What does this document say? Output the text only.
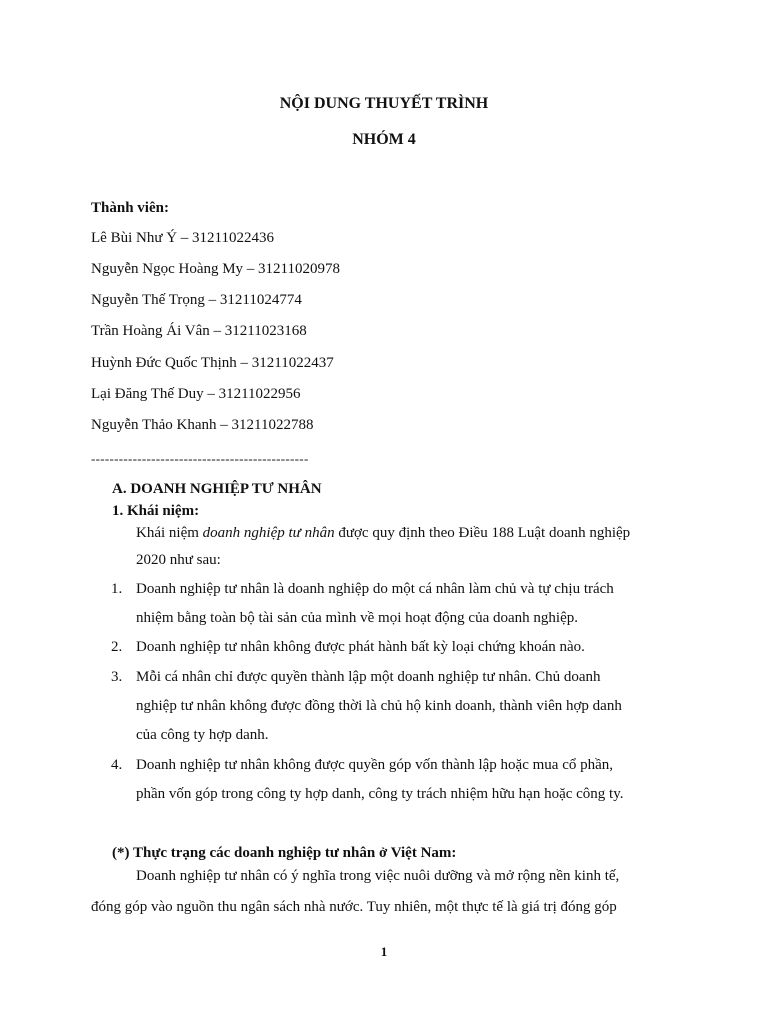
NỘI DUNG THUYẾT TRÌNH
NHÓM 4
Thành viên:
Lê Bùi Như Ý – 31211022436
Nguyễn Ngọc Hoàng My – 31211020978
Nguyễn Thế Trọng – 31211024774
Trần Hoàng Ái Vân – 31211023168
Huỳnh Đức Quốc Thịnh – 31211022437
Lại Đăng Thế Duy – 31211022956
Nguyễn Thảo Khanh – 31211022788
-----------------------------------------------
A. DOANH NGHIỆP TƯ NHÂN
1. Khái niệm:
Khái niệm doanh nghiệp tư nhân được quy định theo Điều 188 Luật doanh nghiệp
2020 như sau:
1. Doanh nghiệp tư nhân là doanh nghiệp do một cá nhân làm chủ và tự chịu trách
nhiệm bằng toàn bộ tài sản của mình về mọi hoạt động của doanh nghiệp.
2. Doanh nghiệp tư nhân không được phát hành bất kỳ loại chứng khoán nào.
3. Mỗi cá nhân chỉ được quyền thành lập một doanh nghiệp tư nhân. Chủ doanh
nghiệp tư nhân không được đồng thời là chủ hộ kinh doanh, thành viên hợp danh
của công ty hợp danh.
4. Doanh nghiệp tư nhân không được quyền góp vốn thành lập hoặc mua cổ phần,
phần vốn góp trong công ty hợp danh, công ty trách nhiệm hữu hạn hoặc công ty.
(*) Thực trạng các doanh nghiệp tư nhân ở Việt Nam:
Doanh nghiệp tư nhân có ý nghĩa trong việc nuôi dưỡng và mở rộng nền kinh tế,
đóng góp vào nguồn thu ngân sách nhà nước. Tuy nhiên, một thực tế là giá trị đóng góp
1
